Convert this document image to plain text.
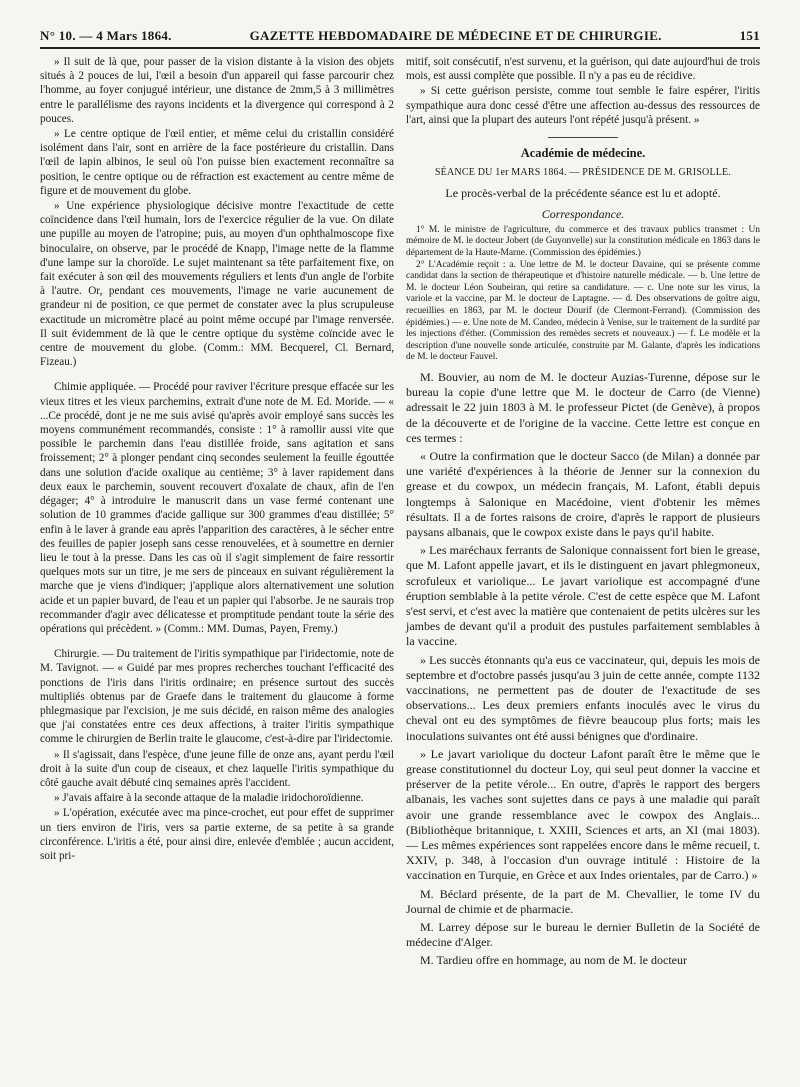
N° 10. — 4 Mars 1864.	GAZETTE HEBDOMADAIRE DE MÉDECINE ET DE CHIRURGIE.	151

» Il suit de là que, pour passer de la vision distante à la vision des objets situés à 2 pouces de lui, l'œil a besoin d'un appareil qui fasse parcourir chez l'homme, au foyer conjugué intérieur, une distance de 2mm,5 à 3 millimètres entre le parallélisme des rayons incidents et la divergence qui correspond à 2 pouces.

» Le centre optique de l'œil entier, et même celui du cristallin considéré isolément dans l'air, sont en arrière de la face postérieure du cristallin. Dans l'œil de lapin albinos, le seul où l'on puisse bien exactement reconnaître sa position, le centre optique ou de réfraction est exactement au centre même de figure et de mouvement du globe.

» Une expérience physiologique décisive montre l'exactitude de cette coïncidence dans l'œil humain, lors de l'exercice régulier de la vue. On dilate une pupille au moyen de l'atropine; puis, au moyen d'un ophthalmoscope fixe binoculaire, on observe, par le procédé de Knapp, l'image nette de la flamme d'une lampe sur la choroïde. Le sujet maintenant sa tête parfaitement fixe, on fait exécuter à son œil des mouvements réguliers et lents d'un angle de l'orbite à l'autre. Or, pendant ces mouvements, l'image ne varie aucunement de grandeur ni de position, ce que permet de constater avec la plus scrupuleuse exactitude un micromètre placé au point même occupé par l'image renversée. Il suit évidemment de là que le centre optique du système coïncide avec le centre de mouvement du globe. (Comm.: MM. Becquerel, Cl. Bernard, Fizeau.)

Chimie appliquée. — Procédé pour raviver l'écriture presque effacée sur les vieux titres et les vieux parchemins, extrait d'une note de M. Ed. Moride. — « ...Ce procédé, dont je ne me suis avisé qu'après avoir employé sans succès les moyens communément recommandés, consiste : 1° à ramollir aussi vite que possible le parchemin dans l'eau distillée froide, sans agitation et sans froissement; 2° à plonger pendant cinq secondes seulement la feuille égouttée dans une solution d'acide oxalique au centième; 3° à laver rapidement dans deux eaux le parchemin, souvent recouvert d'oxalate de chaux, afin de l'en dégager; 4° à introduire le manuscrit dans un vase fermé contenant une solution de 10 grammes d'acide gallique sur 300 grammes d'eau distillée; 5° enfin à le laver à grande eau après l'apparition des caractères, à le sécher entre des feuilles de papier joseph sans cesse renouvelées, et à soumettre en dernier lieu le tout à la presse. Dans les cas où il s'agit simplement de faire ressortir quelques mots sur un titre, je me sers de pinceaux en suivant régulièrement la marche que je viens d'indiquer; j'applique alors alternativement une solution acide et un papier buvard, de l'eau et un papier qui l'absorbe. Je ne saurais trop recommander d'agir avec délicatesse et promptitude pendant toute la série des opérations qui précèdent. » (Comm.: MM. Dumas, Payen, Fremy.)

Chirurgie. — Du traitement de l'iritis sympathique par l'iridectomie, note de M. Tavignot. — « Guidé par mes propres recherches touchant l'efficacité des ponctions de l'iris dans l'iritis ordinaire; en présence surtout des succès multipliés obtenus par de Graefe dans le traitement du glaucome à forme phlegmasique par l'excision, je me suis décidé, en raison même des analogies que j'ai constatées entre ces deux affections, à traiter l'iritis sympathique comme le chirurgien de Berlin traite le glaucome, c'est-à-dire par l'iridectomie.

» Il s'agissait, dans l'espèce, d'une jeune fille de onze ans, ayant perdu l'œil droit à la suite d'un coup de ciseaux, et chez laquelle l'iritis sympathique du côté gauche avait débuté cinq semaines après l'accident.

» J'avais affaire à la seconde attaque de la maladie iridochoroïdienne.

» L'opération, exécutée avec ma pince-crochet, eut pour effet de supprimer un tiers environ de l'iris, vers sa partie externe, de sa petite à sa grande circonférence. L'iritis a été, pour ainsi dire, enlevée d'emblée ; aucun accident, soit pri-

mitif, soit consécutif, n'est survenu, et la guérison, qui date aujourd'hui de trois mois, est aussi complète que possible. Il n'y a pas eu de récidive.

» Si cette guérison persiste, comme tout semble le faire espérer, l'iritis sympathique aura donc cessé d'être une affection au-dessus des ressources de l'art, ainsi que la plupart des auteurs l'ont répété jusqu'à présent. »

Académie de médecine.
SÉANCE DU 1er MARS 1864. — PRÉSIDENCE DE M. GRISOLLE.
Le procès-verbal de la précédente séance est lu et adopté.
Correspondance.

1° M. le ministre de l'agriculture, du commerce et des travaux publics transmet : Un mémoire de M. le docteur Jobert (de Guyonvelle) sur la constitution médicale en 1863 dans le département de la Haute-Marne. (Commission des épidémies.)

2° L'Académie reçoit : a. Une lettre de M. le docteur Davaine, qui se présente comme candidat dans la section de thérapeutique et d'histoire naturelle médicale. — b. Une lettre de M. le docteur Léon Soubeiran, qui retire sa candidature. — c. Une note sur les virus, la variole et la vaccine, par M. le docteur de Laptagne. — d. Des observations de goître aigu, recueillies en 1863, par M. le docteur Dourif (de Clermont-Ferrand). (Commission des épidémies.) — e. Une note de M. Candeo, médecin à Venise, sur le traitement de la surdité par les injections d'éther. (Commission des remèdes secrets et nouveaux.) — f. Le modèle et la description d'une nouvelle sonde articulée, construite par M. Galante, d'après les indications de M. le docteur Fauvel.

M. Bouvier, au nom de M. le docteur Auzias-Turenne, dépose sur le bureau la copie d'une lettre que M. le docteur de Carro (de Vienne) adressait le 22 juin 1803 à M. le professeur Pictet (de Genève), à propos de la découverte et de l'origine de la vaccine. Cette lettre est conçue en ces termes :

« Outre la confirmation que le docteur Sacco (de Milan) a donnée par une variété d'expériences à la théorie de Jenner sur la connexion du grease et du cowpox, un médecin français, M. Lafont, établi depuis longtemps à Salonique en Macédoine, vient d'obtenir les mêmes résultats. Il a de fortes raisons de croire, d'après le rapport de plusieurs paysans albanais, que le cowpox existe dans le pays qu'il habite.

» Les maréchaux ferrants de Salonique connaissent fort bien le grease, que M. Lafont appelle javart, et ils le distinguent en javart phlegmoneux, scrofuleux et variolique... Le javart variolique est accompagné d'une éruption semblable à la petite vérole. C'est de cette espèce que M. Lafont s'est servi, et c'est avec la matière que contenaient de petits ulcères sur les jambes de devant qu'il a produit des pustules parfaitement semblables à la vaccine.

» Les succès étonnants qu'a eus ce vaccinateur, qui, depuis les mois de septembre et d'octobre passés jusqu'au 3 juin de cette année, compte 1132 vaccinations, ne permettent pas de douter de l'exactitude de ses observations... Les deux premiers enfants inoculés avec le virus du cheval ont eu des symptômes de fièvre beaucoup plus forts; mais les inoculations suivantes ont été aussi bénignes que d'ordinaire.

» Le javart variolique du docteur Lafont paraît être le même que le grease constitutionnel du docteur Loy, qui seul peut donner la vaccine et préserver de la petite vérole... En outre, d'après le rapport des bergers albanais, les vaches sont sujettes dans ce pays à une maladie qui paraît avoir une grande ressemblance avec le cowpox des Anglais... (Bibliothèque britannique, t. XXIII, Sciences et arts, an XI (mai 1803). — Les mêmes expériences sont rappelées encore dans le même recueil, t. XXIV, p. 348, à l'occasion d'un ouvrage intitulé : Histoire de la vaccination en Turquie, en Grèce et aux Indes orientales, par de Carro.) »

M. Béclard présente, de la part de M. Chevallier, le tome IV du Journal de chimie et de pharmacie.

M. Larrey dépose sur le bureau le dernier Bulletin de la Société de médecine d'Alger.

M. Tardieu offre en hommage, au nom de M. le docteur
